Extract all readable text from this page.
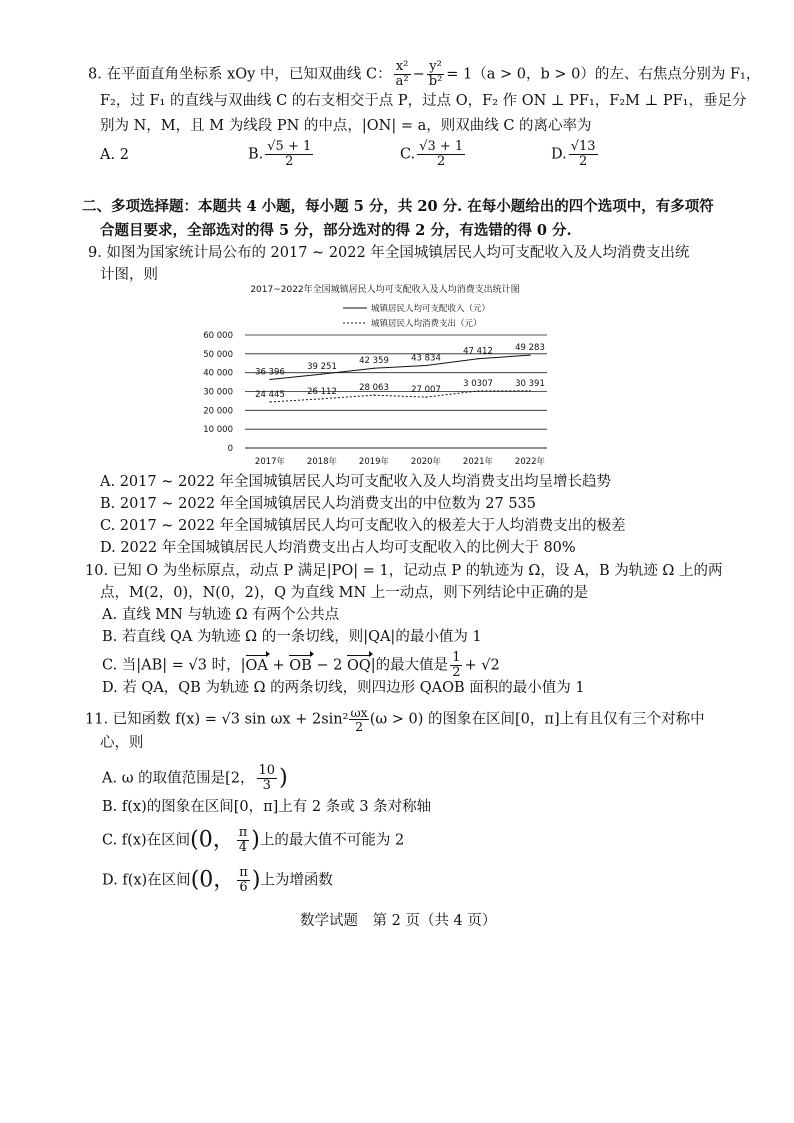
8. 在平面直角坐标系 xOy 中，已知双曲线 C： $\frac{\text{x²}}{\text{a²}} - \frac{\text{y²}}{\text{b²}} = 1(a > 0$，b > 0）的左、右焦点分别为 F₁，
F₂，过 F₁ 的直线与双曲线 C 的右支相交于点 P，过点 O，F₂ 作 ON ⊥ PF₁，F₂M ⊥ PF₁，垂足分
别为 N，M，且 M 为线段 PN 的中点，|ON| = a，则双曲线 C 的离心率为
A. 2	B. $\frac{√5 + 1}{2}$	C. $\frac{√3 + 1}{2}$	D. $\frac{√13}{2}$
二、多项选择题：本题共 4 小题，每小题 5 分，共 20 分. 在每小题给出的四个选项中，有多项符
合题目要求，全部选对的得 5 分，部分选对的得 2 分，有选错的得 0 分.
9. 如图为国家统计局公布的 2017 ~ 2022 年全国城镇居民人均可支配收入及人均消费支出统
计图，则
2017~2022年全国城镇居民人均可支配收入及人均消费支出统计图
城镇居民人均可支配收入（元）
城镇居民人均消费支出（元）
0
10 000
20 000
30 000
40 000
50 000
60 000
36 396
39 251
42 359	43 834
47 412	49 283
24 445	26 112	28 063	27 007
3 0307	30 391
2017年	2018年	2019年	2020年	2021年	2022年
A. 2017 ~ 2022 年全国城镇居民人均可支配收入及人均消费支出均呈增长趋势
B. 2017 ~ 2022 年全国城镇居民人均消费支出的中位数为 27 535
C. 2017 ~ 2022 年全国城镇居民人均可支配收入的极差大于人均消费支出的极差
D. 2022 年全国城镇居民人均消费支出占人均可支配收入的比例大于 80%
10. 已知 O 为坐标原点，动点 P 满足|PO| = 1，记动点 P 的轨迹为 Ω，设 A，B 为轨迹 Ω 上的两
点，M(2，0)，N(0，2)，Q 为直线 MN 上一动点，则下列结论中正确的是
A. 直线 MN 与轨迹 Ω 有两个公共点
B. 若直线 QA 为轨迹 Ω 的一条切线，则|QA|的最小值为 1
C. 当|AB| = √3 时，|OA + OB − 2 OQ|的最大值是 $\frac{1}{2} + √2$
D. 若 QA，QB 为轨迹 Ω 的两条切线，则四边形 QAOB 面积的最小值为 1
11. 已知函数 f(x) = √3 $\sin \omega x + 2\sin^2 \frac{\omega x}{2} (\omega > 0)$ 的图象在区间[0，π]上有且仅有三个对称中
心，则
A. ω 的取值范围是[2， $\frac{10}{3}$ )
B. f(x)的图象在区间[0，π]上有 2 条或 3 条对称轴
C. f(x)在区间(0， $\frac{\pi}{4}$ )上的最大值不可能为 2
D. f(x)在区间(0， $\frac{\pi}{6}$ )上为增函数
数学试题　第 2 页（共 4 页）
